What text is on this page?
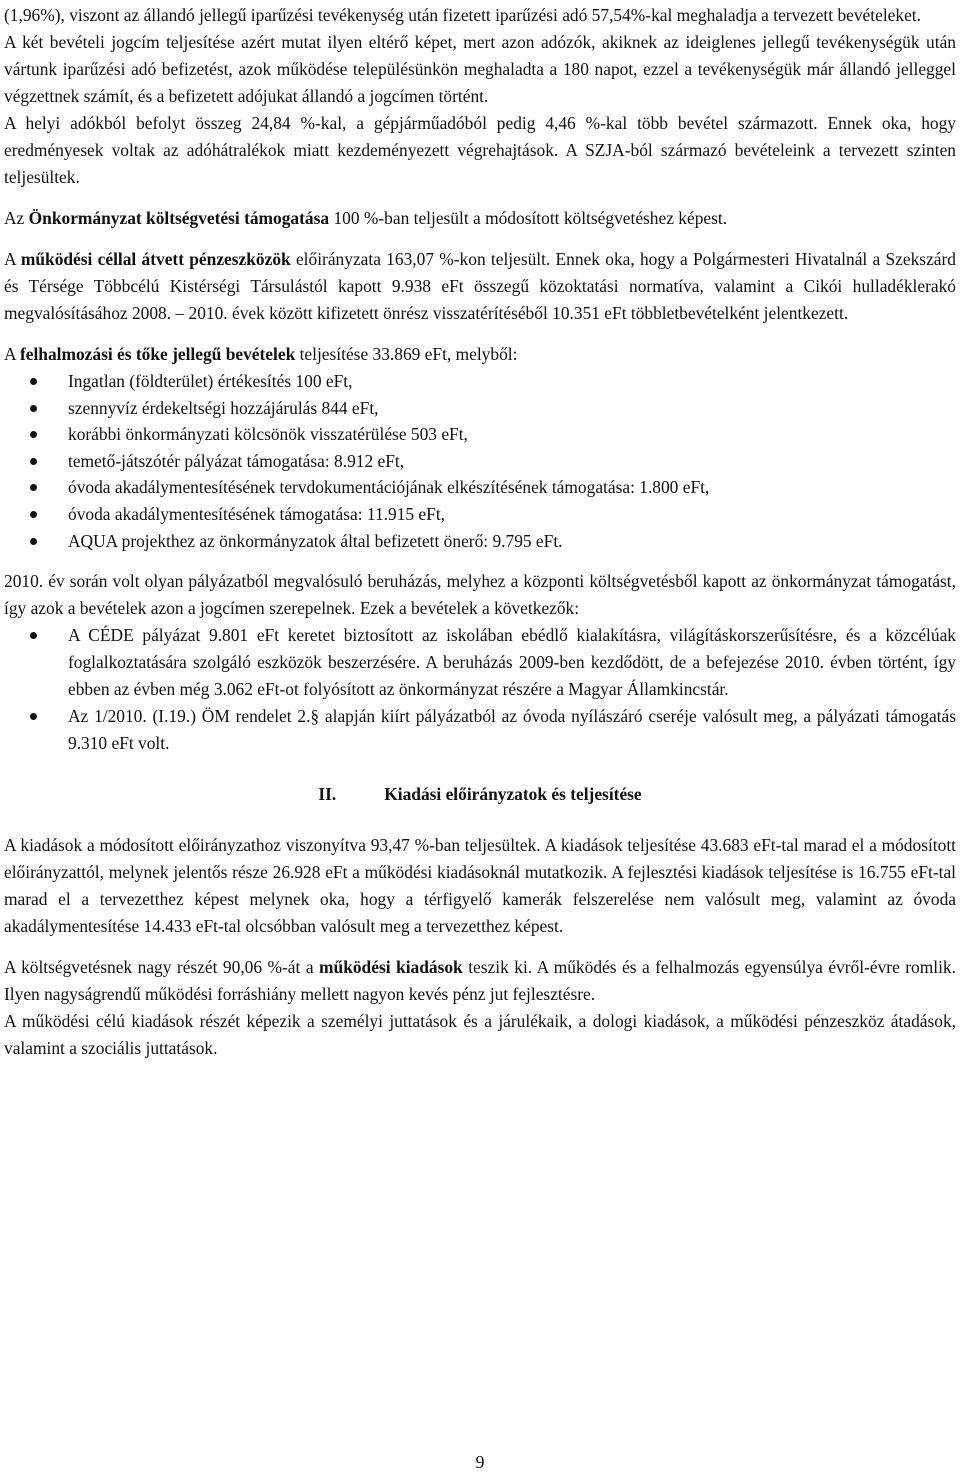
(1,96%), viszont az állandó jellegű iparűzési tevékenység után fizetett iparűzési adó 57,54%-kal meghaladja a tervezett bevételeket.

A két bevételi jogcím teljesítése azért mutat ilyen eltérő képet, mert azon adózók, akiknek az ideiglenes jellegű tevékenységük után vártunk iparűzési adó befizetést, azok működése településünkön meghaladta a 180 napot, ezzel a tevékenységük már állandó jelleggel végzettnek számít, és a befizetett adójukat állandó a jogcímen történt.

A helyi adókból befolyt összeg 24,84 %-kal, a gépjárműadóból pedig 4,46 %-kal több bevétel származott. Ennek oka, hogy eredményesek voltak az adóhátralékok miatt kezdeményezett végrehajtások. A SZJA-ból származó bevételeink a tervezett szinten teljesültek.

Az Önkormányzat költségvetési támogatása 100 %-ban teljesült a módosított költségvetéshez képest.

A működési céllal átvett pénzeszközök előirányzata 163,07 %-kon teljesült. Ennek oka, hogy a Polgármesteri Hivatalnál a Szekszárd és Térsége Többcélú Kistérségi Társulástól kapott 9.938 eFt összegű közoktatási normatíva, valamint a Cikói hulladéklerakó megvalósításához 2008. – 2010. évek között kifizetett önrész visszatérítéséből 10.351 eFt többletbevételként jelentkezett.

A felhalmozási és tőke jellegű bevételek teljesítése 33.869 eFt, melyből:

Ingatlan (földterület) értékesítés 100 eFt,
szennyvíz érdekeltségi hozzájárulás 844 eFt,
korábbi önkormányzati kölcsönök visszatérülése 503 eFt,
temető-játszótér pályázat támogatása: 8.912 eFt,
óvoda akadálymentesítésének tervdokumentációjának elkészítésének támogatása: 1.800 eFt,
óvoda akadálymentesítésének támogatása: 11.915 eFt,
AQUA projekthez az önkormányzatok által befizetett önerő: 9.795 eFt.

2010. év során volt olyan pályázatból megvalósuló beruházás, melyhez a központi költségvetésből kapott az önkormányzat támogatást, így azok a bevételek azon a jogcímen szerepelnek. Ezek a bevételek a következők:

A CÉDE pályázat 9.801 eFt keretet biztosított az iskolában ebédlő kialakításra, világításkorszerűsítésre, és a közcélúak foglalkoztatására szolgáló eszközök beszerzésére. A beruházás 2009-ben kezdődött, de a befejezése 2010. évben történt, így ebben az évben még 3.062 eFt-ot folyósított az önkormányzat részére a Magyar Államkincstár.
Az 1/2010. (I.19.) ÖM rendelet 2.§ alapján kiírt pályázatból az óvoda nyílászáró cseréje valósult meg, a pályázati támogatás 9.310 eFt volt.

II.	Kiadási előirányzatok és teljesítése

A kiadások a módosított előirányzathoz viszonyítva 93,47 %-ban teljesültek. A kiadások teljesítése 43.683 eFt-tal marad el a módosított előirányzattól, melynek jelentős része 26.928 eFt a működési kiadásoknál mutatkozik. A fejlesztési kiadások teljesítése is 16.755 eFt-tal marad el a tervezetthez képest melynek oka, hogy a térfigyelő kamerák felszerelése nem valósult meg, valamint az óvoda akadálymentesítése 14.433 eFt-tal olcsóbban valósult meg a tervezetthez képest.

A költségvetésnek nagy részét 90,06 %-át a működési kiadások teszik ki. A működés és a felhalmozás egyensúlya évről-évre romlik. Ilyen nagyságrendű működési forráshiány mellett nagyon kevés pénz jut fejlesztésre.

A működési célú kiadások részét képezik a személyi juttatások és a járulékaik, a dologi kiadások, a működési pénzeszköz átadások, valamint a szociális juttatások.

9
